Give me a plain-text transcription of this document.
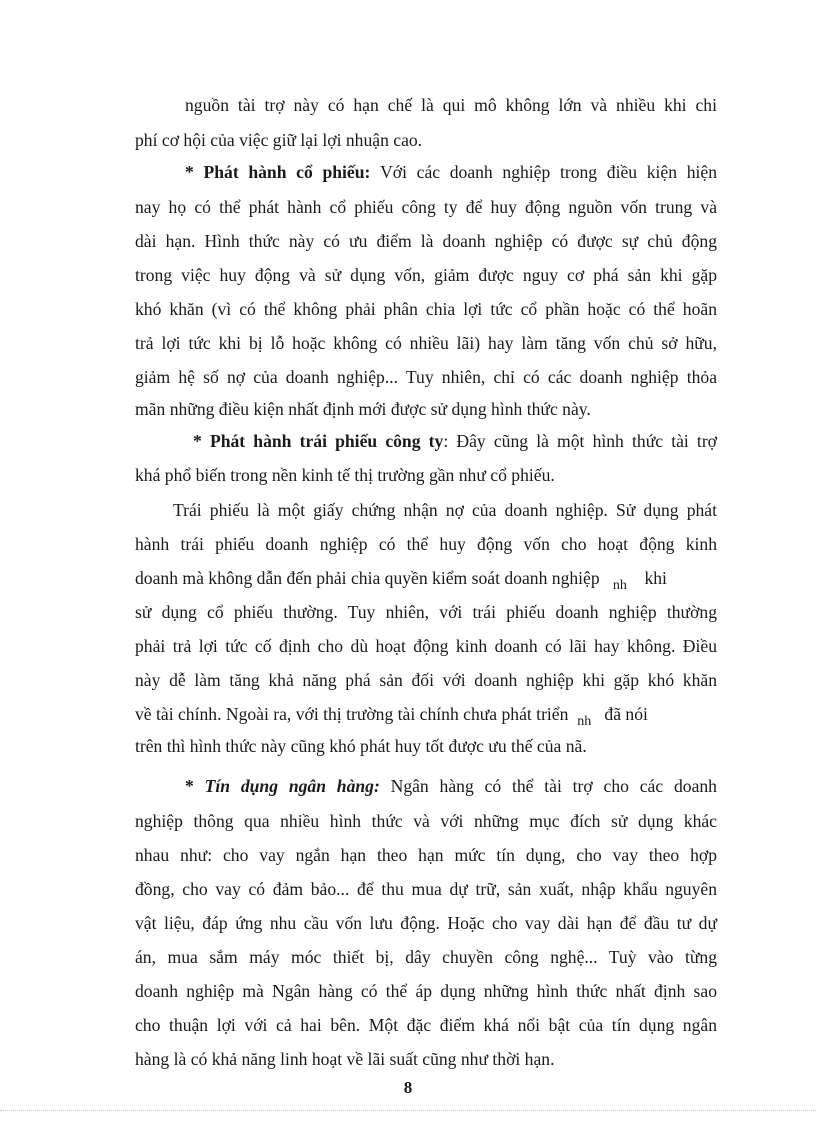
nguồn tài trợ này có hạn chế là qui mô không lớn và nhiều khi chi
phí cơ hội của việc giữ lại lợi nhuận cao.
* Phát hành cổ phiếu: Với các doanh nghiệp trong điều kiện hiện
nay họ có thể phát hành cổ phiếu công ty để huy động nguồn vốn trung và
dài hạn. Hình thức này có ưu điểm là doanh nghiệp có được sự chủ động
trong việc huy động và sử dụng vốn, giảm được nguy cơ phá sản khi gặp
khó khăn (vì có thể không phải phân chia lợi tức cổ phần hoặc có thể hoãn
trả lợi tức khi bị lỗ hoặc không có nhiều lãi) hay làm tăng vốn chủ sở hữu,
giảm hệ số nợ của doanh nghiệp... Tuy nhiên, chỉ có các doanh nghiệp thỏa
mãn những điều kiện nhất định mới được sử dụng hình thức này.
* Phát hành trái phiếu công ty: Đây cũng là một hình thức tài trợ
khá phổ biến trong nền kinh tế thị trường gần như cổ phiếu.
Trái phiếu là một giấy chứng nhận nợ của doanh nghiệp. Sử dụng phát
hành trái phiếu doanh nghiệp có thể huy động vốn cho hoạt động kinh
doanh mà không dẫn đến phải chia quyền kiểm soát doanh nghiệp $_{nh}$ khi
sử dụng cổ phiếu thường. Tuy nhiên, với trái phiếu doanh nghiệp thường
phải trả lợi tức cố định cho dù hoạt động kinh doanh có lãi hay không. Điều
này dễ làm tăng khả năng phá sản đối với doanh nghiệp khi gặp khó khăn
về tài chính. Ngoài ra, với thị trường tài chính chưa phát triển $_{nh}$ đã nói
trên thì hình thức này cũng khó phát huy tốt được ưu thế của nã.
* Tín dụng ngân hàng: Ngân hàng có thể tài trợ cho các doanh
nghiệp thông qua nhiều hình thức và với những mục đích sử dụng khác
nhau như: cho vay ngắn hạn theo hạn mức tín dụng, cho vay theo hợp
đồng, cho vay có đảm bảo... để thu mua dự trữ, sản xuất, nhập khẩu nguyên
vật liệu, đáp ứng nhu cầu vốn lưu động. Hoặc cho vay dài hạn để đầu tư dự
án, mua sắm máy móc thiết bị, dây chuyền công nghệ... Tuỳ vào từng
doanh nghiệp mà Ngân hàng có thể áp dụng những hình thức nhất định sao
cho thuận lợi với cả hai bên. Một đặc điểm khá nổi bật của tín dụng ngân
hàng là có khả năng linh hoạt về lãi suất cũng như thời hạn.
8
